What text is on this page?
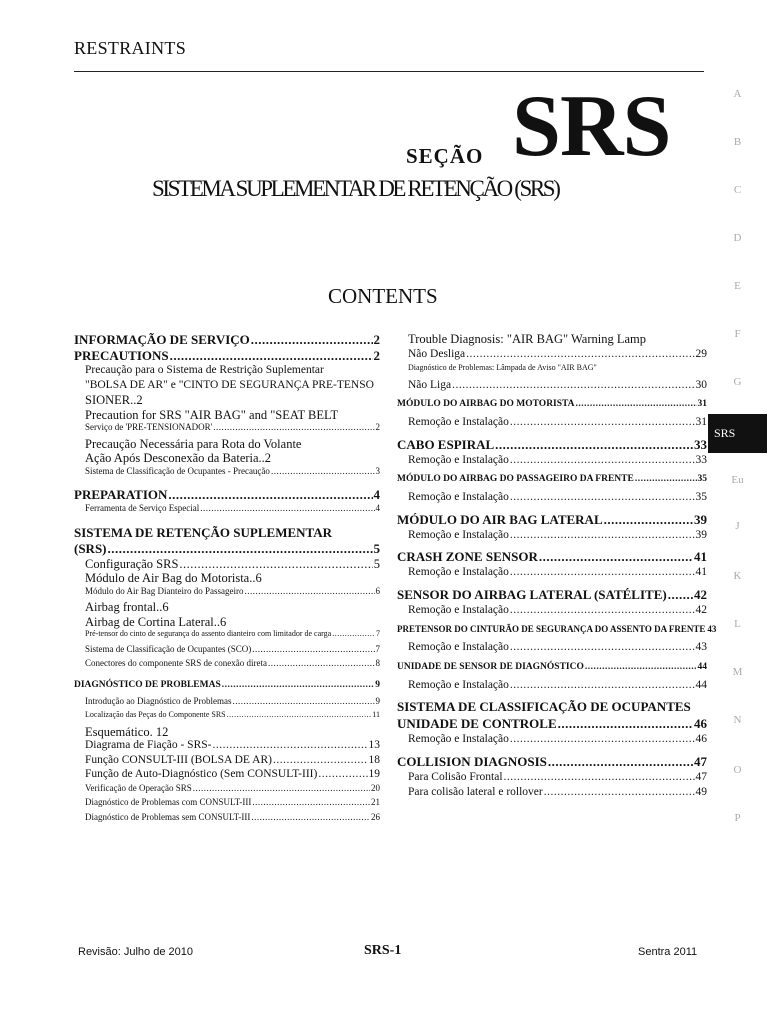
RESTRAINTS
SEÇÃO SRS
SISTEMA SUPLEMENTAR DE RETENÇÃO (SRS)
CONTENTS
A
B
C
D
E
F
G
SRS
Eu
J
K
L
M
N
O
P
INFORMAÇÃO DE SERVIÇO .....	2
PRECAUTIONS .....	2
Precaução para o Sistema de Restrição Suplementar
"BOLSA DE AR" e "CINTO DE SEGURANÇA PRE-TENSO
SIONER..2
Precaution for SRS "AIR BAG" and "SEAT BELT
Serviço de 'PRE-TENSIONADOR' .....	2
Precaução Necessária para Rota do Volante
Ação Após Desconexão da Bateria..2
Sistema de Classificação de Ocupantes - Precaução .....	3
PREPARATION .....	4
Ferramenta de Serviço Especial .....	4
SISTEMA DE RETENÇÃO SUPLEMENTAR
(SRS) .....	5
Configuração SRS .....	5
Módulo de Air Bag do Motorista..6
Módulo do Air Bag Dianteiro do Passageiro .....	6
Airbag frontal..6
Airbag de Cortina Lateral..6
Pré-tensor do cinto de segurança do assento dianteiro com limitador de carga .....	7
Sistema de Classificação de Ocupantes (SCO) .....	7
Conectores do componente SRS de conexão direta .....	8
DIAGNÓSTICO DE PROBLEMAS .....	9
Introdução ao Diagnóstico de Problemas .....	9
Localização das Peças do Componente SRS .....	11
Esquemático. 12
Diagrama de Fiação - SRS- .....	13
Função CONSULT-III (BOLSA DE AR) .....	18
Função de Auto-Diagnóstico (Sem CONSULT-III) .....	19
Verificação de Operação SRS .....	20
Diagnóstico de Problemas com CONSULT-III .....	21
Diagnóstico de Problemas sem CONSULT-III .....	26
Trouble Diagnosis: "AIR BAG" Warning Lamp
Não Desliga .....	29
Diagnóstico de Problemas: Lâmpada de Aviso "AIR BAG"
Não Liga .....	30
MÓDULO DO AIRBAG DO MOTORISTA .....	31
Remoção e Instalação .....	31
CABO ESPIRAL .....	33
Remoção e Instalação .....	33
MÓDULO DO AIRBAG DO PASSAGEIRO DA FRENTE .....	35
Remoção e Instalação .....	35
MÓDULO DO AIR BAG LATERAL .....	39
Remoção e Instalação .....	39
CRASH ZONE SENSOR .....	41
Remoção e Instalação .....	41
SENSOR DO AIRBAG LATERAL (SATÉLITE) ..... 42
Remoção e Instalação .....	42
PRETENSOR DO CINTURÃO DE SEGURANÇA DO ASSENTO DA FRENTE 43
Remoção e Instalação .....	43
UNIDADE DE SENSOR DE DIAGNÓSTICO .....	44
Remoção e Instalação .....	44
SISTEMA DE CLASSIFICAÇÃO DE OCUPANTES
UNIDADE DE CONTROLE .....	46
Remoção e Instalação .....	46
COLLISION DIAGNOSIS .....	47
Para Colisão Frontal .....	47
Para colisão lateral e rollover .....	49
Revisão: Julho de 2010	SRS-1	Sentra 2011
